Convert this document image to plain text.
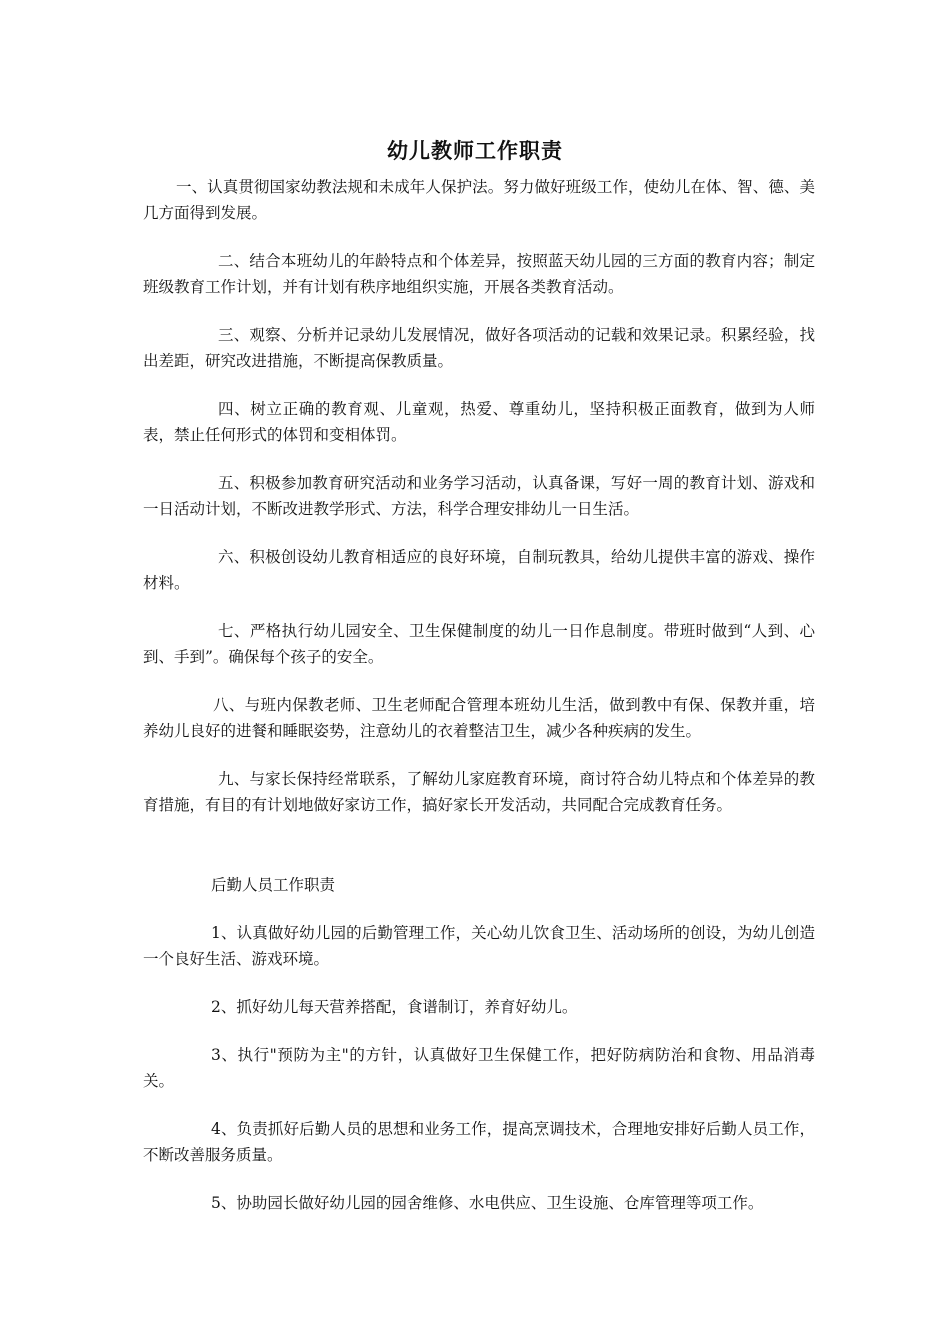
幼儿教师工作职责

一、认真贯彻国家幼教法规和未成年人保护法。努力做好班级工作，使幼儿在体、智、德、美几方面得到发展。

二、结合本班幼儿的年龄特点和个体差异，按照蓝天幼儿园的三方面的教育内容；制定班级教育工作计划，并有计划有秩序地组织实施，开展各类教育活动。

三、观察、分析并记录幼儿发展情况，做好各项活动的记载和效果记录。积累经验，找出差距，研究改进措施，不断提高保教质量。

四、树立正确的教育观、儿童观，热爱、尊重幼儿，坚持积极正面教育，做到为人师表，禁止任何形式的体罚和变相体罚。

五、积极参加教育研究活动和业务学习活动，认真备课，写好一周的教育计划、游戏和一日活动计划，不断改进教学形式、方法，科学合理安排幼儿一日生活。

六、积极创设幼儿教育相适应的良好环境，自制玩教具，给幼儿提供丰富的游戏、操作材料。

七、严格执行幼儿园安全、卫生保健制度的幼儿一日作息制度。带班时做到“人到、心到、手到”。确保每个孩子的安全。

八、与班内保教老师、卫生老师配合管理本班幼儿生活，做到教中有保、保教并重，培养幼儿良好的进餐和睡眠姿势，注意幼儿的衣着整洁卫生，减少各种疾病的发生。

九、与家长保持经常联系，了解幼儿家庭教育环境，商讨符合幼儿特点和个体差异的教育措施，有目的有计划地做好家访工作，搞好家长开发活动，共同配合完成教育任务。

后勤人员工作职责

1、认真做好幼儿园的后勤管理工作，关心幼儿饮食卫生、活动场所的创设，为幼儿创造一个良好生活、游戏环境。

2、抓好幼儿每天营养搭配，食谱制订，养育好幼儿。

3、执行"预防为主"的方针，认真做好卫生保健工作，把好防病防治和食物、用品消毒关。

4、负责抓好后勤人员的思想和业务工作，提高烹调技术，合理地安排好后勤人员工作，不断改善服务质量。

5、协助园长做好幼儿园的园舍维修、水电供应、卫生设施、仓库管理等项工作。
